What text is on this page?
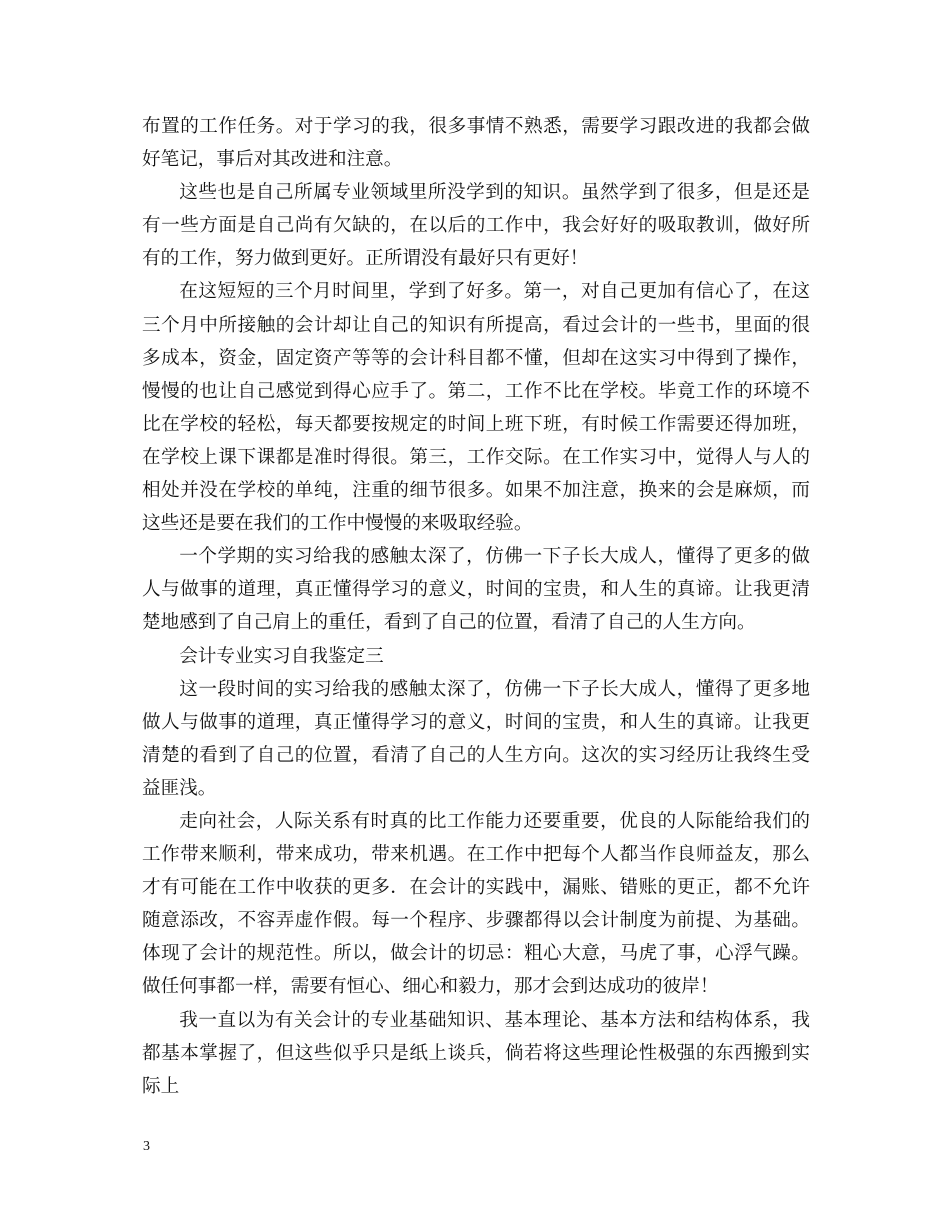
布置的工作任务。对于学习的我，很多事情不熟悉，需要学习跟改进的我都会做好笔记，事后对其改进和注意。

这些也是自己所属专业领域里所没学到的知识。虽然学到了很多，但是还是有一些方面是自己尚有欠缺的，在以后的工作中，我会好好的吸取教训，做好所有的工作，努力做到更好。正所谓没有最好只有更好！

在这短短的三个月时间里，学到了好多。第一，对自己更加有信心了，在这三个月中所接触的会计却让自己的知识有所提高，看过会计的一些书，里面的很多成本，资金，固定资产等等的会计科目都不懂，但却在这实习中得到了操作，慢慢的也让自己感觉到得心应手了。第二，工作不比在学校。毕竟工作的环境不比在学校的轻松，每天都要按规定的时间上班下班，有时候工作需要还得加班，在学校上课下课都是准时得很。第三，工作交际。在工作实习中，觉得人与人的相处并没在学校的单纯，注重的细节很多。如果不加注意，换来的会是麻烦，而这些还是要在我们的工作中慢慢的来吸取经验。

一个学期的实习给我的感触太深了，仿佛一下子长大成人，懂得了更多的做人与做事的道理，真正懂得学习的意义，时间的宝贵，和人生的真谛。让我更清楚地感到了自己肩上的重任，看到了自己的位置，看清了自己的人生方向。

会计专业实习自我鉴定三

这一段时间的实习给我的感触太深了，仿佛一下子长大成人，懂得了更多地做人与做事的道理，真正懂得学习的意义，时间的宝贵，和人生的真谛。让我更清楚的看到了自己的位置，看清了自己的人生方向。这次的实习经历让我终生受益匪浅。

走向社会，人际关系有时真的比工作能力还要重要，优良的人际能给我们的工作带来顺利，带来成功，带来机遇。在工作中把每个人都当作良师益友，那么才有可能在工作中收获的更多．在会计的实践中，漏账、错账的更正，都不允许随意添改，不容弄虚作假。每一个程序、步骤都得以会计制度为前提、为基础。体现了会计的规范性。所以，做会计的切忌：粗心大意，马虎了事，心浮气躁。做任何事都一样，需要有恒心、细心和毅力，那才会到达成功的彼岸！

我一直以为有关会计的专业基础知识、基本理论、基本方法和结构体系，我都基本掌握了，但这些似乎只是纸上谈兵，倘若将这些理论性极强的东西搬到实际上

3
